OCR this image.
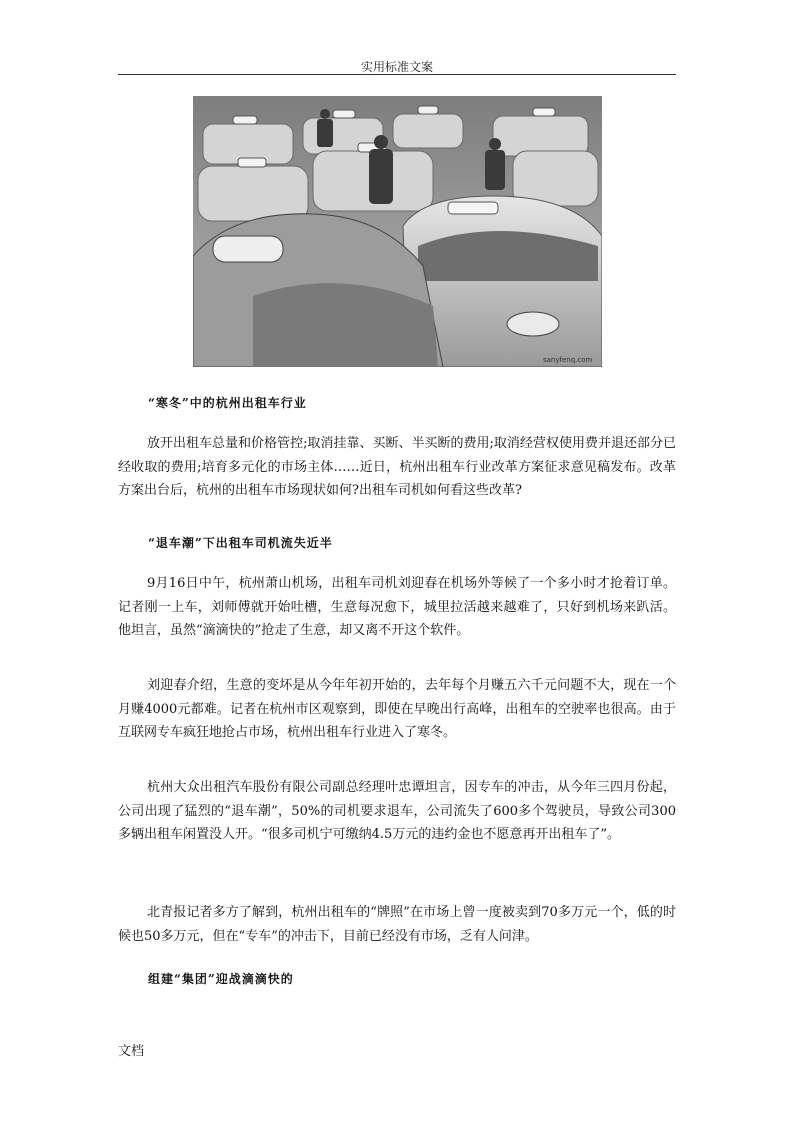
实用标准文案
sanyfenq.com
“寒冬”中的杭州出租车行业

放开出租车总量和价格管控;取消挂靠、买断、半买断的费用;取消经营权使用费并退还部分已经收取的费用;培育多元化的市场主体……近日，杭州出租车行业改革方案征求意见稿发布。改革方案出台后，杭州的出租车市场现状如何?出租车司机如何看这些改革?

“退车潮”下出租车司机流失近半

9月16日中午，杭州萧山机场，出租车司机刘迎春在机场外等候了一个多小时才抢着订单。记者刚一上车，刘师傅就开始吐槽，生意每况愈下，城里拉活越来越难了，只好到机场来趴活。他坦言，虽然“滴滴快的”抢走了生意，却又离不开这个软件。

刘迎春介绍，生意的变坏是从今年年初开始的，去年每个月赚五六千元问题不大，现在一个月赚4000元都难。记者在杭州市区观察到，即使在早晚出行高峰，出租车的空驶率也很高。由于互联网专车疯狂地抢占市场，杭州出租车行业进入了寒冬。

杭州大众出租汽车股份有限公司副总经理叶忠谭坦言，因专车的冲击，从今年三四月份起，公司出现了猛烈的“退车潮”，50%的司机要求退车，公司流失了600多个驾驶员，导致公司300多辆出租车闲置没人开。“很多司机宁可缴纳4.5万元的违约金也不愿意再开出租车了”。

北青报记者多方了解到，杭州出租车的“牌照”在市场上曾一度被卖到70多万元一个，低的时候也50多万元，但在“专车”的冲击下，目前已经没有市场，乏有人问津。

组建“集团”迎战滴滴快的
文档
